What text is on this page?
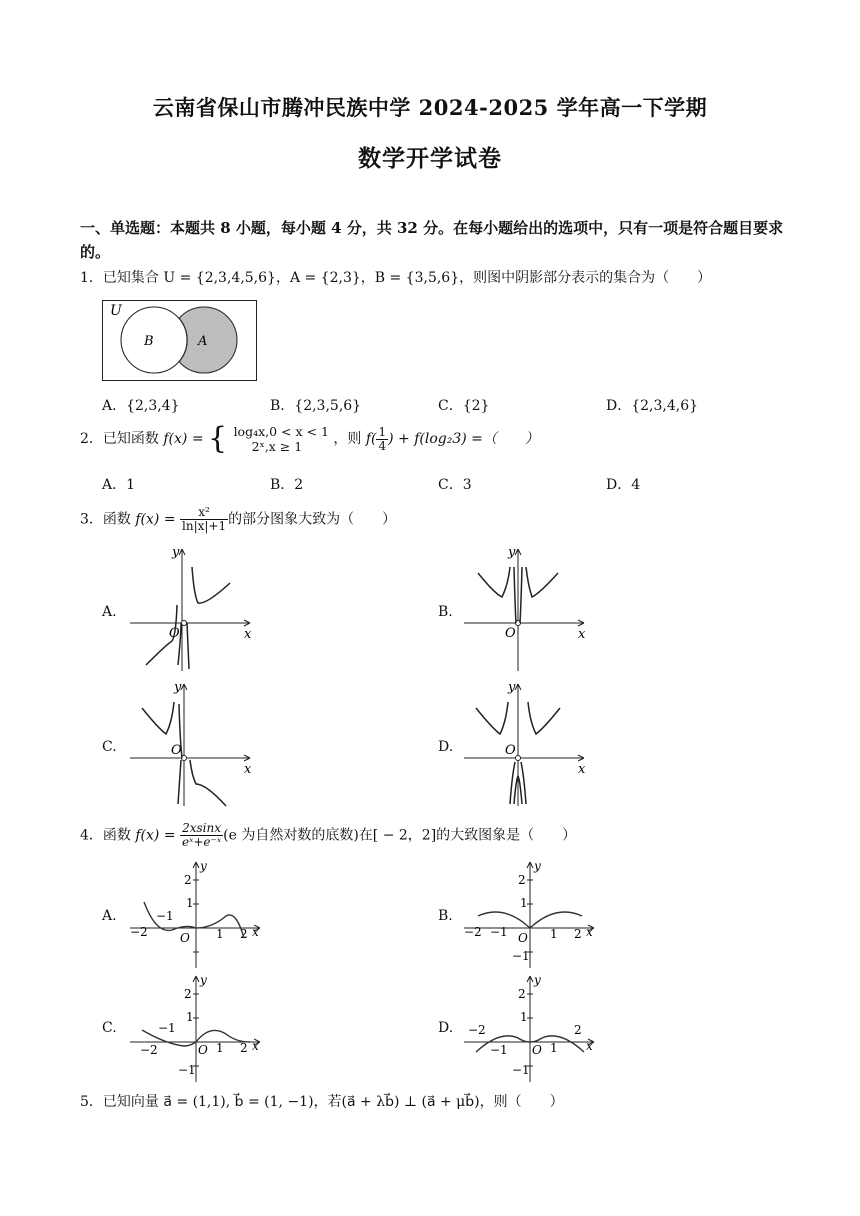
云南省保山市腾冲民族中学 2024-2025 学年高一下学期
数学开学试卷
一、单选题：本题共 8 小题，每小题 4 分，共 32 分。在每小题给出的选项中，只有一项是符合题目要求的。
1．已知集合 U = {2,3,4,5,6}，A = {2,3}，B = {3,5,6}，则图中阴影部分表示的集合为（　　）
U
B	A
A．{2,3,4}	B．{2,3,5,6}	C．{2}	D．{2,3,4,6}
2．已知函数 f(x) = { log₄x,0 < x < 1
2ˣ,x ≥ 1	，则 $f( \frac{1}{4}$ ) + f(log₂3) =（　　）
A．1	B．2	C．3	D．4
3．函数 $f(x) = \frac{\text{x²}}{\ln|x|+1}$ 的部分图象大致为（　　）
A.
x
y
O
B.
x
y
O
C.
x
y
O	D.
x
y
O
4．函数 $f(x) = \frac{2xsinx}{\text{eˣ+e⁻ˣ}} (e$ 为自然对数的底数)在[ − 2，2]的大致图象是（　　）
A.
y
2
1
O
−1
−2	1 2 x
B.
y
2
1
O
−2 −1
−1
1 2 x
C.
y
2
1
O
−1
−2
−1
1 2 x
D.
y
2
1
O
−2
−1
−1
1
2
x
5．已知向量 a⃗ = (1,1), b⃗ = (1, −1)，若(a⃗ + λb⃗) ⊥ (a⃗ + μb⃗)，则（　　）
